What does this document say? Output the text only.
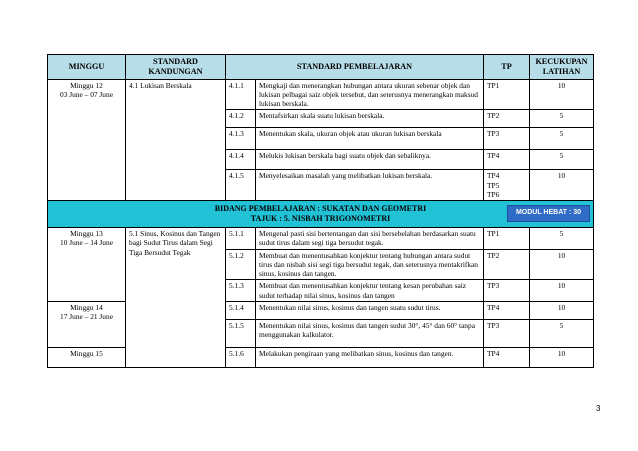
MINGGU	STANDARD KANDUNGAN	STANDARD PEMBELAJARAN		TP	KECUKUPAN LATIHAN

Minggu 12
03 June – 07 June	4.1 Lukisan Berskala	4.1.1	Mengkaji dan menerangkan hubungan antara ukuran sebenar objek dan lukisan pelbagai saiz objek tersebut, dan seterusnya menerangkan maksud lukisan berskala.	TP1	10
		4.1.2	Mentafsirkan skala suatu lukisan berskala.	TP2	5
		4.1.3	Menentukan skala, ukuran objek atau ukuran lukisan berskala	TP3	5
		4.1.4	Melukis lukisan berskala bagi suatu objek dan sebaliknya.	TP4	5
		4.1.5	Menyelesaikan masalah yang melibatkan lukisan berskala.	TP4
TP5
TP6	10

BIDANG PEMBELAJARAN : SUKATAN DAN GEOMETRI
TAJUK : 5. NISBAH TRIGONOMETRI
MODUL HEBAT : 30					

Minggu 13
10 June – 14 June	5.1 Sinus, Kosinus dan Tangen bagi Sudut Tirus dalam Segi Tiga Bersudut Tegak	5.1.1	Mengenal pasti sisi bertentangan dan sisi bersebelahan berdasarkan suatu sudut tirus dalam segi tiga bersudut tegak.	TP1	5
		5.1.2	Membuat dan menentusahkan konjektur tentang hubungan antara sudut tirus dan nisbah sisi segi tiga bersudut tegak, dan seterusnya mentakrifkan sinus, kosinus dan tangen.	TP2	10
		5.1.3	Membuat dan menentusahkan konjektur tentang kesan perubahan saiz sudut terhadap nilai sinus, kosinus dan tangen	TP3	10

Minggu 14
17 June – 21 June		5.1.4	Menentukan nilai sinus, kosinus dan tangen suatu sudut tirus.	TP4	10
		5.1.5	Menentukan nilai sinus, kosinus dan tangen sudut 30°, 45° dan 60° tanpa menggunakan kalkulator.	TP3	5

Minggu 15		5.1.6	Melakukan pengiraan yang melibatkan sinus, kosinus dan tangen.	TP4	10
3
